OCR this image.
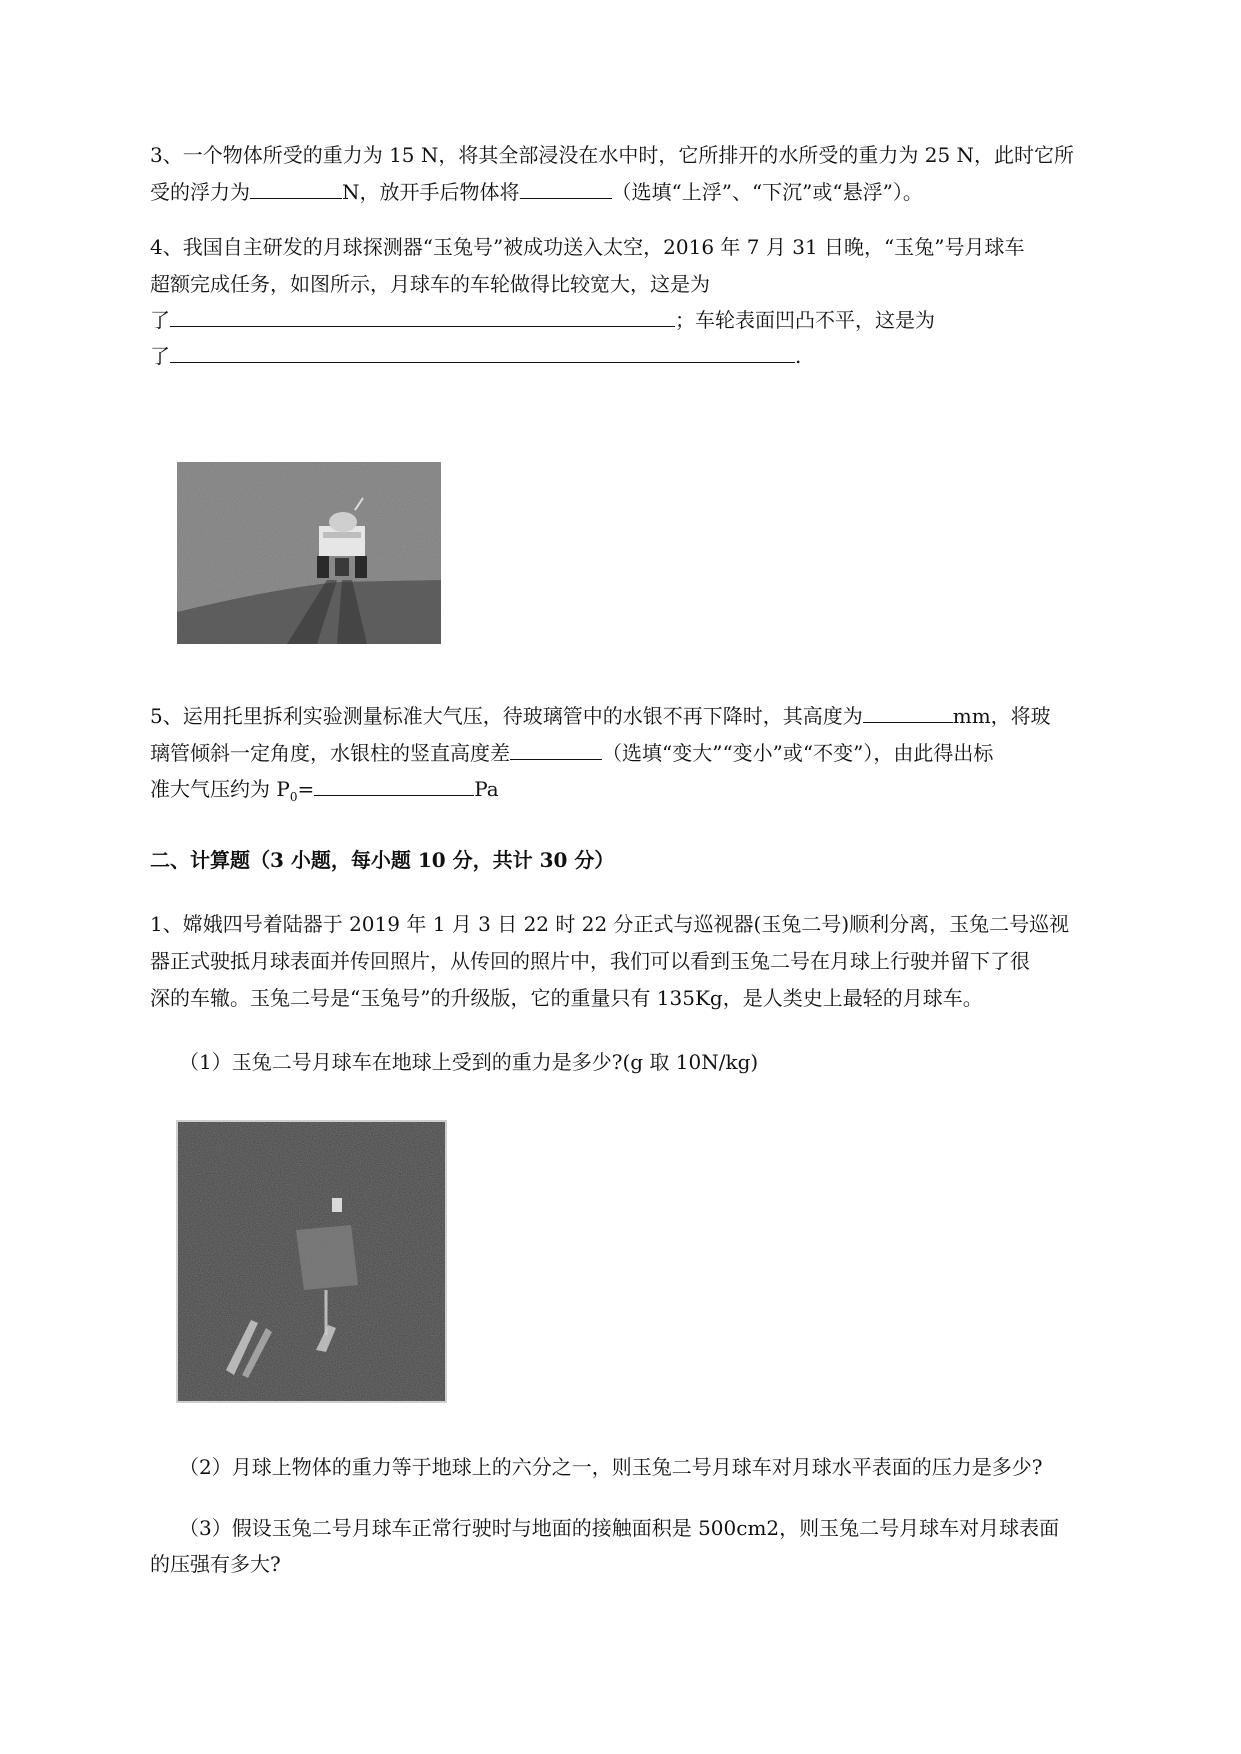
3、一个物体所受的重力为 15 N，将其全部浸没在水中时，它所排开的水所受的重力为 25 N，此时它所
受的浮力为	N，放开手后物体将	（选填“上浮”、“下沉”或“悬浮”）。
4、我国自主研发的月球探测器“玉兔号”被成功送入太空，2016 年 7 月 31 日晚，“玉兔”号月球车
超额完成任务，如图所示，月球车的车轮做得比较宽大，这是为
了	；车轮表面凹凸不平，这是为
了	.
5、运用托里拆利实验测量标准大气压，待玻璃管中的水银不再下降时，其高度为	mm，将玻
璃管倾斜一定角度，水银柱的竖直高度差	（选填“变大”“变小”或“不变”），由此得出标
准大气压约为 $P_0=$	Pa
二、计算题（3 小题，每小题 10 分，共计 30 分）
1、嫦娥四号着陆器于 2019 年 1 月 3 日 22 时 22 分正式与巡视器(玉兔二号)顺利分离，玉兔二号巡视
器正式驶抵月球表面并传回照片，从传回的照片中，我们可以看到玉兔二号在月球上行驶并留下了很
深的车辙。玉兔二号是“玉兔号”的升级版，它的重量只有 135Kg，是人类史上最轻的月球车。
（1）玉兔二号月球车在地球上受到的重力是多少?(g 取 10N/kg)
（2）月球上物体的重力等于地球上的六分之一，则玉兔二号月球车对月球水平表面的压力是多少?
（3）假设玉兔二号月球车正常行驶时与地面的接触面积是 500cm2，则玉兔二号月球车对月球表面
的压强有多大?
